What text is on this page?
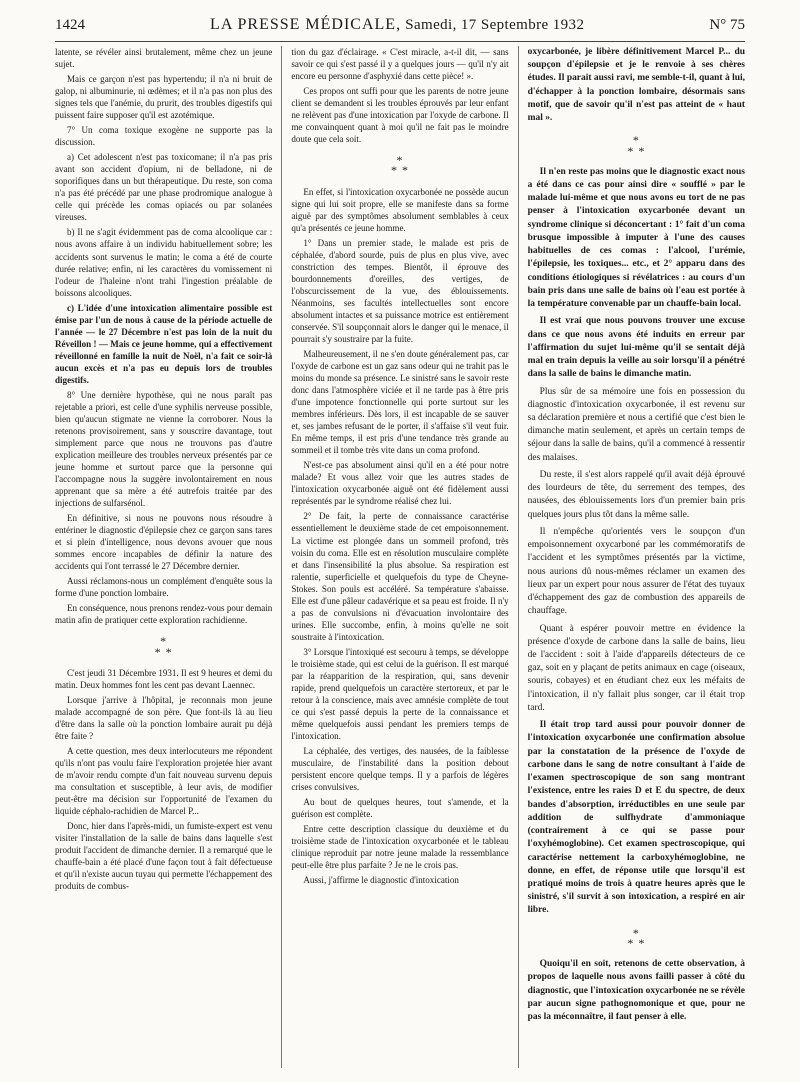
1424	LA PRESSE MÉDICALE, Samedi, 17 Septembre 1932	N° 75

latente, se révéler ainsi brutalement, même chez un jeune sujet.

Mais ce garçon n'est pas hypertendu; il n'a ni bruit de galop, ni albuminurie, ni œdèmes; et il n'a pas non plus des signes tels que l'anémie, du prurit, des troubles digestifs qui puissent faire supposer qu'il est azotémique.

7° Un coma toxique exogène ne supporte pas la discussion.

a) Cet adolescent n'est pas toxicomane; il n'a pas pris avant son accident d'opium, ni de belladone, ni de soporifiques dans un but thérapeutique. Du reste, son coma n'a pas été précédé par une phase prodromique analogue à celle qui précède les comas opiacés ou par solanées vireuses.

b) Il ne s'agit évidemment pas de coma alcoolique car : nous avons affaire à un individu habituellement sobre; les accidents sont survenus le matin; le coma a été de courte durée relative; enfin, ni les caractères du vomissement ni l'odeur de l'haleine n'ont trahi l'ingestion préalable de boissons alcooliques.

c) L'idée d'une intoxication alimentaire possible est émise par l'un de nous à cause de la période actuelle de l'année — le 27 Décembre n'est pas loin de la nuit du Réveillon ! — Mais ce jeune homme, qui a effectivement réveillonné en famille la nuit de Noël, n'a fait ce soir-là aucun excès et n'a pas eu depuis lors de troubles digestifs.

8° Une dernière hypothèse, qui ne nous paraît pas rejetable a priori, est celle d'une syphilis nerveuse possible, bien qu'aucun stigmate ne vienne la corroborer. Nous la retenons provisoirement, sans y souscrire davantage, tout simplement parce que nous ne trouvons pas d'autre explication meilleure des troubles nerveux présentés par ce jeune homme et surtout parce que la personne qui l'accompagne nous la suggère involontairement en nous apprenant que sa mère a été autrefois traitée par des injections de sulfarsénol.

En définitive, si nous ne pouvons nous résoudre à entériner le diagnostic d'épilepsie chez ce garçon sans tares et si plein d'intelligence, nous devons avouer que nous sommes encore incapables de définir la nature des accidents qui l'ont terrassé le 27 Décembre dernier.

Aussi réclamons-nous un complément d'enquête sous la forme d'une ponction lombaire.

En conséquence, nous prenons rendez-vous pour demain matin afin de pratiquer cette exploration rachidienne.

*
* *

C'est jeudi 31 Décembre 1931. Il est 9 heures et demi du matin. Deux hommes font les cent pas devant Laennec.

Lorsque j'arrive à l'hôpital, je reconnais mon jeune malade accompagné de son père. Que font-ils là au lieu d'être dans la salle où la ponction lombaire aurait pu déjà être faite ?

A cette question, mes deux interlocuteurs me répondent qu'ils n'ont pas voulu faire l'exploration projetée hier avant de m'avoir rendu compte d'un fait nouveau survenu depuis ma consultation et susceptible, à leur avis, de modifier peut-être ma décision sur l'opportunité de l'examen du liquide céphalo-rachidien de Marcel P...

Donc, hier dans l'après-midi, un fumiste-expert est venu visiter l'installation de la salle de bains dans laquelle s'est produit l'accident de dimanche dernier. Il a remarqué que le chauffe-bain a été placé d'une façon tout à fait défectueuse et qu'il n'existe aucun tuyau qui permette l'échappement des produits de combus-

tion du gaz d'éclairage. « C'est miracle, a-t-il dit, — sans savoir ce qui s'est passé il y a quelques jours — qu'il n'y ait encore eu personne d'asphyxié dans cette pièce! ».

Ces propos ont suffi pour que les parents de notre jeune client se demandent si les troubles éprouvés par leur enfant ne relèvent pas d'une intoxication par l'oxyde de carbone. Il me convainquent quant à moi qu'il ne fait pas le moindre doute que cela soit.

*
* *

En effet, si l'intoxication oxycarbonée ne possède aucun signe qui lui soit propre, elle se manifeste dans sa forme aiguë par des symptômes absolument semblables à ceux qu'a présentés ce jeune homme.

1° Dans un premier stade, le malade est pris de céphalée, d'abord sourde, puis de plus en plus vive, avec constriction des tempes. Bientôt, il éprouve des bourdonnements d'oreilles, des vertiges, de l'obscurcissement de la vue, des éblouissements. Néanmoins, ses facultés intellectuelles sont encore absolument intactes et sa puissance motrice est entièrement conservée. S'il soupçonnait alors le danger qui le menace, il pourrait s'y soustraire par la fuite.

Malheureusement, il ne s'en doute généralement pas, car l'oxyde de carbone est un gaz sans odeur qui ne trahit pas le moins du monde sa présence. Le sinistré sans le savoir reste donc dans l'atmosphère viciée et il ne tarde pas à être pris d'une impotence fonctionnelle qui porte surtout sur les membres inférieurs. Dès lors, il est incapable de se sauver et, ses jambes refusant de le porter, il s'affaise s'il veut fuir. En même temps, il est pris d'une tendance très grande au sommeil et il tombe très vite dans un coma profond.

N'est-ce pas absolument ainsi qu'il en a été pour notre malade? Et vous allez voir que les autres stades de l'intoxication oxycarbonée aiguë ont été fidèlement aussi représentés par le syndrome réalisé chez lui.

2° De fait, la perte de connaissance caractérise essentiellement le deuxième stade de cet empoisonnement. La victime est plongée dans un sommeil profond, très voisin du coma. Elle est en résolution musculaire complète et dans l'insensibilité la plus absolue. Sa respiration est ralentie, superficielle et quelquefois du type de Cheyne-Stokes. Son pouls est accéléré. Sa température s'abaisse. Elle est d'une pâleur cadavérique et sa peau est froide. Il n'y a pas de convulsions ni d'évacuation involontaire des urines. Elle succombe, enfin, à moins qu'elle ne soit soustraite à l'intoxication.

3° Lorsque l'intoxiqué est secouru à temps, se développe le troisième stade, qui est celui de la guérison. Il est marqué par la réapparition de la respiration, qui, sans devenir rapide, prend quelquefois un caractère stertoreux, et par le retour à la conscience, mais avec amnésie complète de tout ce qui s'est passé depuis la perte de la connaissance et même quelquefois aussi pendant les premiers temps de l'intoxication.

La céphalée, des vertiges, des nausées, de la faiblesse musculaire, de l'instabilité dans la position debout persistent encore quelque temps. Il y a parfois de légères crises convulsives.

Au bout de quelques heures, tout s'amende, et la guérison est complète.

Entre cette description classique du deuxième et du troisième stade de l'intoxication oxycarbonée et le tableau clinique reproduit par notre jeune malade la ressemblance peut-elle être plus parfaite ? Je ne le crois pas.

Aussi, j'affirme le diagnostic d'intoxication

oxycarbonée, je libère définitivement Marcel P... du soupçon d'épilepsie et je le renvoie à ses chères études. Il parait aussi ravi, me semble-t-il, quant à lui, d'échapper à la ponction lombaire, désormais sans motif, que de savoir qu'il n'est pas atteint de « haut mal ».

*
* *

Il n'en reste pas moins que le diagnostic exact nous a été dans ce cas pour ainsi dire « soufflé » par le malade lui-même et que nous avons eu tort de ne pas penser à l'intoxication oxycarbonée devant un syndrome clinique si déconcertant : 1° fait d'un coma brusque impossible à imputer à l'une des causes habituelles de ces comas : l'alcool, l'urémie, l'épilepsie, les toxiques... etc., et 2° apparu dans des conditions étiologiques si révélatrices : au cours d'un bain pris dans une salle de bains où l'eau est portée à la température convenable par un chauffe-bain local.

Il est vrai que nous pouvons trouver une excuse dans ce que nous avons été induits en erreur par l'affirmation du sujet lui-même qu'il se sentait déjà mal en train depuis la veille au soir lorsqu'il a pénétré dans la salle de bains le dimanche matin.

Plus sûr de sa mémoire une fois en possession du diagnostic d'intoxication oxycarbonée, il est revenu sur sa déclaration première et nous a certifié que c'est bien le dimanche matin seulement, et après un certain temps de séjour dans la salle de bains, qu'il a commencé à ressentir des malaises.

Du reste, il s'est alors rappelé qu'il avait déjà éprouvé des lourdeurs de tête, du serrement des tempes, des nausées, des éblouissements lors d'un premier bain pris quelques jours plus tôt dans la même salle.

Il n'empêche qu'orientés vers le soupçon d'un empoisonnement oxycarboné par les commémoratifs de l'accident et les symptômes présentés par la victime, nous aurions dû nous-mêmes réclamer un examen des lieux par un expert pour nous assurer de l'état des tuyaux d'échappement des gaz de combustion des appareils de chauffage.

Quant à espérer pouvoir mettre en évidence la présence d'oxyde de carbone dans la salle de bains, lieu de l'accident : soit à l'aide d'appareils détecteurs de ce gaz, soit en y plaçant de petits animaux en cage (oiseaux, souris, cobayes) et en étudiant chez eux les méfaits de l'intoxication, il n'y fallait plus songer, car il était trop tard.

Il était trop tard aussi pour pouvoir donner de l'intoxication oxycarbonée une confirmation absolue par la constatation de la présence de l'oxyde de carbone dans le sang de notre consultant à l'aide de l'examen spectroscopique de son sang montrant l'existence, entre les raies D et E du spectre, de deux bandes d'absorption, irréductibles en une seule par addition de sulfhydrate d'ammoniaque (contrairement à ce qui se passe pour l'oxyhémoglobine). Cet examen spectroscopique, qui caractérise nettement la carboxyhémoglobine, ne donne, en effet, de réponse utile que lorsqu'il est pratiqué moins de trois à quatre heures après que le sinistré, s'il survit à son intoxication, a respiré en air libre.

*
* *

Quoiqu'il en soit, retenons de cette observation, à propos de laquelle nous avons failli passer à côté du diagnostic, que l'intoxication oxycarbonée ne se révèle par aucun signe pathognomonique et que, pour ne pas la méconnaître, il faut penser à elle.
